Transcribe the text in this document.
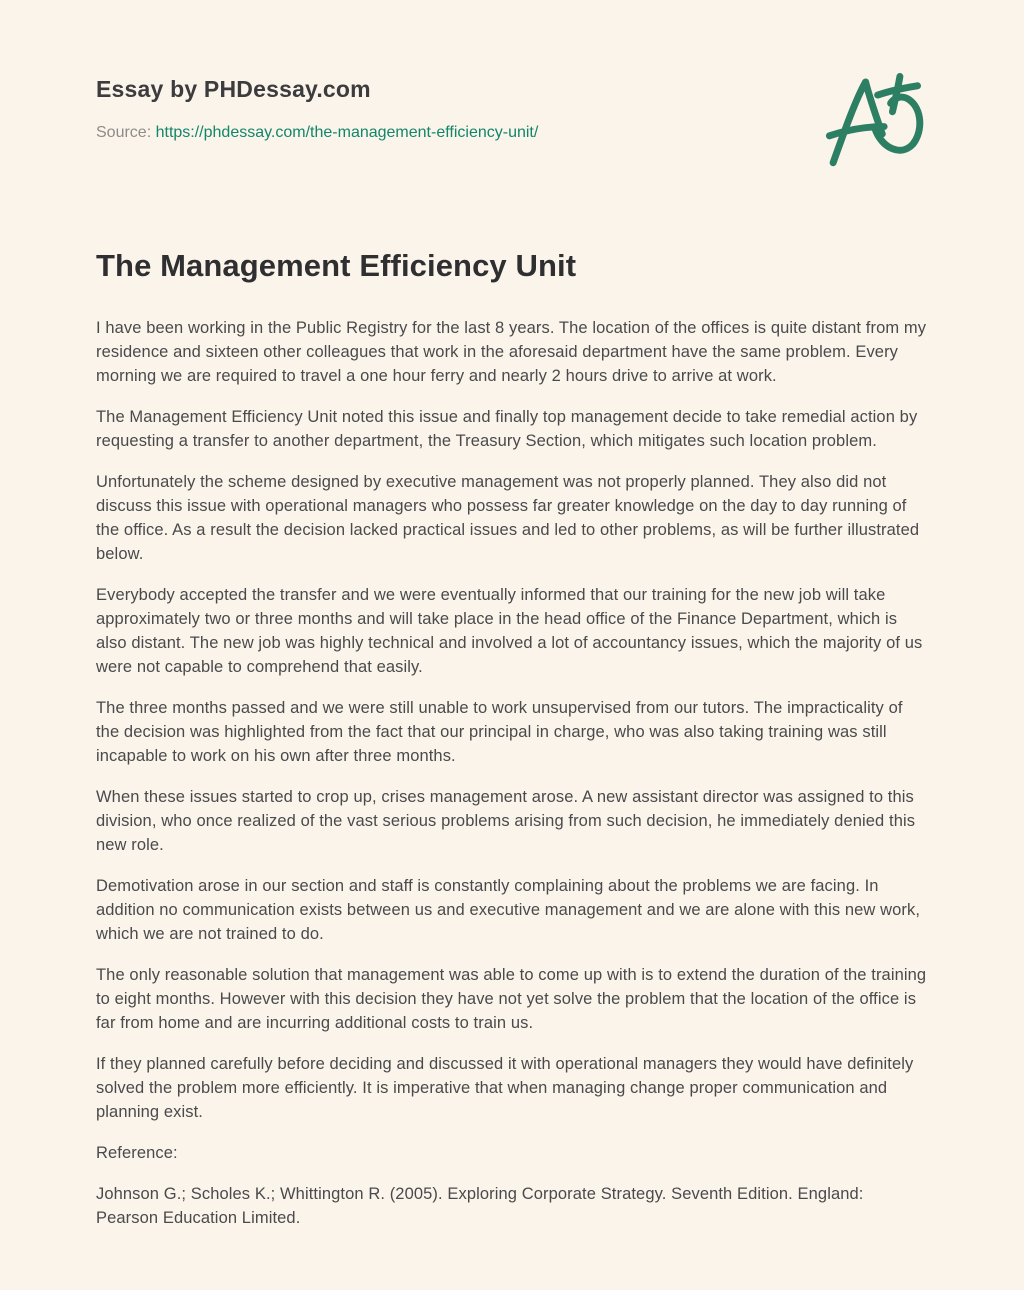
Essay by PHDessay.com
Source: https://phdessay.com/the-management-efficiency-unit/
The Management Efficiency Unit

I have been working in the Public Registry for the last 8 years. The location of the offices is quite distant from my residence and sixteen other colleagues that work in the aforesaid department have the same problem. Every morning we are required to travel a one hour ferry and nearly 2 hours drive to arrive at work.

The Management Efficiency Unit noted this issue and finally top management decide to take remedial action by requesting a transfer to another department, the Treasury Section, which mitigates such location problem.

Unfortunately the scheme designed by executive management was not properly planned. They also did not discuss this issue with operational managers who possess far greater knowledge on the day to day running of the office. As a result the decision lacked practical issues and led to other problems, as will be further illustrated below.

Everybody accepted the transfer and we were eventually informed that our training for the new job will take approximately two or three months and will take place in the head office of the Finance Department, which is also distant. The new job was highly technical and involved a lot of accountancy issues, which the majority of us were not capable to comprehend that easily.

The three months passed and we were still unable to work unsupervised from our tutors. The impracticality of the decision was highlighted from the fact that our principal in charge, who was also taking training was still incapable to work on his own after three months.

When these issues started to crop up, crises management arose. A new assistant director was assigned to this division, who once realized of the vast serious problems arising from such decision, he immediately denied this new role.

Demotivation arose in our section and staff is constantly complaining about the problems we are facing. In addition no communication exists between us and executive management and we are alone with this new work, which we are not trained to do.

The only reasonable solution that management was able to come up with is to extend the duration of the training to eight months. However with this decision they have not yet solve the problem that the location of the office is far from home and are incurring additional costs to train us.

If they planned carefully before deciding and discussed it with operational managers they would have definitely solved the problem more efficiently. It is imperative that when managing change proper communication and planning exist.

Reference:

Johnson G.; Scholes K.; Whittington R. (2005). Exploring Corporate Strategy. Seventh Edition. England: Pearson Education Limited.
